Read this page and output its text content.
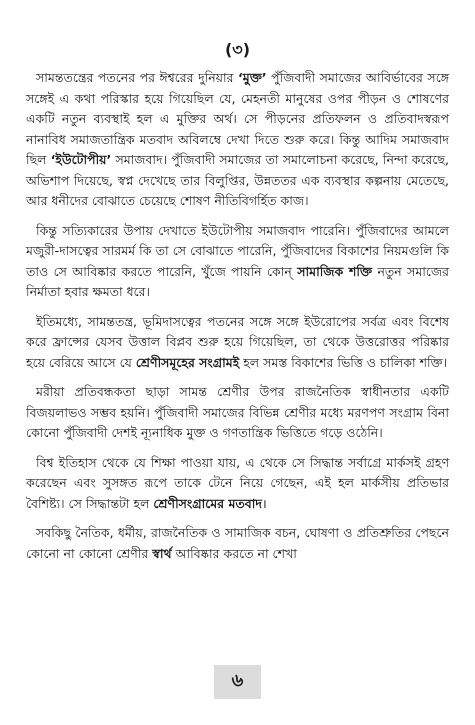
(৩)

সামন্ততন্ত্রের পতনের পর ঈশ্বরের দুনিয়ার ‘মুক্ত’ পুঁজিবাদী সমাজের আবির্ভাবের সঙ্গে সঙ্গেই এ কথা পরিস্কার হয়ে গিয়েছিল যে, মেহনতী মানুষের ওপর পীড়ন ও শোষণের একটি নতুন ব্যবস্থাই হল এ মুক্তির অর্থ। সে পীড়নের প্রতিফলন ও প্রতিবাদস্বরূপ নানাবিধ সমাজতান্ত্রিক মতবাদ অবিলম্বে দেখা দিতে শুরু করে। কিন্তু আদিম সমাজবাদ ছিল ‘ইউটোপীয়’ সমাজবাদ। পুঁজিবাদী সমাজের তা সমালোচনা করেছে, নিন্দা করেছে, অভিশাপ দিয়েছে, স্বপ্ন দেখেছে তার বিলুপ্তির, উন্নততর এক ব্যবস্থার কল্পনায় মেতেছে, আর ধনীদের বোঝাতে চেয়েছে শোষণ নীতিবিগর্হিত কাজ।

কিন্তু সত্যিকারের উপায় দেখাতে ইউটোপীয় সমাজবাদ পারেনি। পুঁজিবাদের আমলে মজুরী-দাসত্বের সারমর্ম কি তা সে বোঝাতে পারেনি, পুঁজিবাদের বিকাশের নিয়মগুলি কি তাও সে আবিষ্কার করতে পারেনি, খুঁজে পায়নি কোন্ সামাজিক শক্তি নতুন সমাজের নির্মাতা হবার ক্ষমতা ধরে।

ইতিমধ্যে, সামন্ততন্ত্র, ভূমিদাসত্বের পতনের সঙ্গে সঙ্গে ইউরোপের সর্বত্র এবং বিশেষ করে ফ্রান্সের যেসব উত্তাল বিপ্লব শুরু হয়ে গিয়েছিল, তা থেকে উত্তরোত্তর পরিষ্কার হয়ে বেরিয়ে আসে যে শ্রেণীসমূহের সংগ্রামই হল সমস্ত বিকাশের ভিত্তি ও চালিকা শক্তি।

মরীয়া প্রতিবন্ধকতা ছাড়া সামন্ত শ্রেণীর উপর রাজনৈতিক স্বাধীনতার একটি বিজয়লাভও সম্ভব হয়নি। পুঁজিবাদী সমাজের বিভিন্ন শ্রেণীর মধ্যে মরণপণ সংগ্রাম বিনা কোনো পুঁজিবাদী দেশই ন্যূনাধিক মুক্ত ও গণতান্ত্রিক ভিত্তিতে গড়ে ওঠেনি।

বিশ্ব ইতিহাস থেকে যে শিক্ষা পাওয়া যায়, এ থেকে সে সিদ্ধান্ত সর্বাগ্রে মার্কসই গ্রহণ করেছেন এবং সুসঙ্গত রূপে তাকে টেনে নিয়ে গেছেন, এই হল মার্কসীয় প্রতিভার বৈশিষ্ট্য। সে সিদ্ধান্তটা হল শ্রেণীসংগ্রামের মতবাদ।

সবকিছু নৈতিক, ধর্মীয়, রাজনৈতিক ও সামাজিক বচন, ঘোষণা ও প্রতিশ্রুতির পেছনে কোনো না কোনো শ্রেণীর স্বার্থ আবিষ্কার করতে না শেখা

৬
